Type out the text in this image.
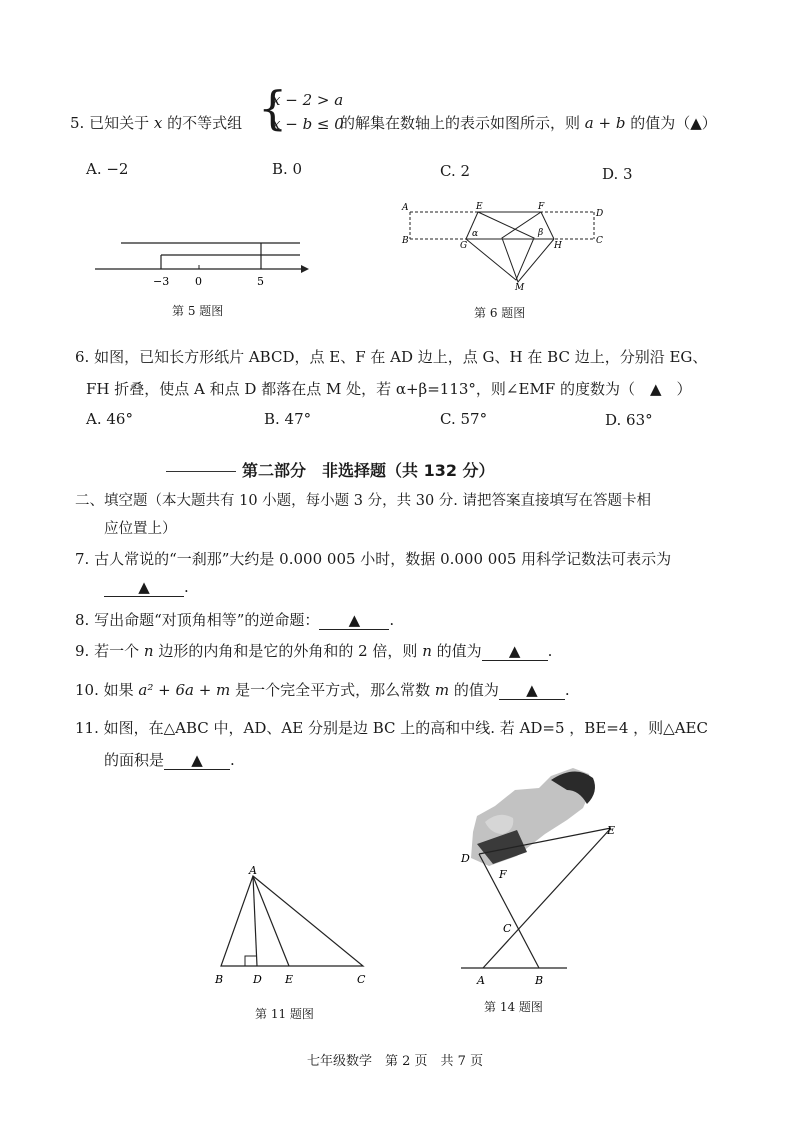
5. 已知关于 x 的不等式组 {
x − 2 > a
x − b ≤ 0
的解集在数轴上的表示如图所示，则 a + b 的值为（▲）
A. −2	B. 0	C. 2	D. 3
−3 0	5
第 5 题图
A
B
D
C
E	F
G	H
M
α	β
第 6 题图
6. 如图，已知长方形纸片 ABCD，点 E、F 在 AD 边上，点 G、H 在 BC 边上，分别沿 EG、
FH 折叠，使点 A 和点 D 都落在点 M 处，若 α+β=113°，则∠EMF 的度数为（　▲　）
A. 46°	B. 47°	C. 57°	D. 63°
第二部分　非选择题（共 132 分）
二、填空题（本大题共有 10 小题，每小题 3 分，共 30 分. 请把答案直接填写在答题卡相
应位置上）
7. 古人常说的“一刹那”大约是 0.000 005 小时，数据 0.000 005 用科学记数法可表示为
▲ .
8. 写出命题“对顶角相等”的逆命题： ▲ .
9. 若一个 n 边形的内角和是它的外角和的 2 倍，则 n 的值为 ▲ .
10. 如果 a² + 6a + m 是一个完全平方式，那么常数 m 的值为 ▲ .
11. 如图，在△ABC 中，AD、AE 分别是边 BC 上的高和中线. 若 AD=5 ，BE=4 ，则△AEC
的面积是 ▲ .
A
B	D E	C
第 11 题图
D
E
F
C
A	B
第 14 题图
七年级数学　第 2 页　共 7 页
